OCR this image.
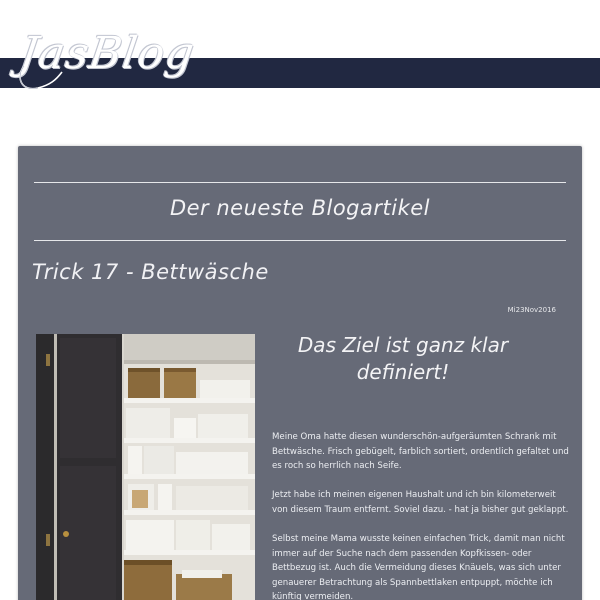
JasBlog
Der neueste Blogartikel
Trick 17 - Bettwäsche
Mi23Nov2016
Das Ziel ist ganz klar definiert!
Meine Oma hatte diesen wunderschön-aufgeräumten Schrank mit Bettwäsche. Frisch gebügelt, farblich sortiert, ordentlich gefaltet und es roch so herrlich nach Seife.
Jetzt habe ich meinen eigenen Haushalt und ich bin kilometerweit von diesem Traum entfernt. Soviel dazu. - hat ja bisher gut geklappt.
Selbst meine Mama wusste keinen einfachen Trick, damit man nicht immer auf der Suche nach dem passenden Kopfkissen- oder Bettbezug ist. Auch die Vermeidung dieses Knäuels, was sich unter genauerer Betrachtung als Spannbettlaken entpuppt, möchte ich künftig vermeiden.
